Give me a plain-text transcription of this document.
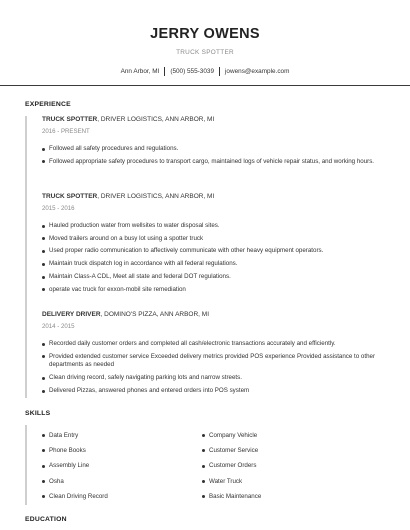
JERRY OWENS
TRUCK SPOTTER
Ann Arbor, MI (500) 555-3039 jowens@example.com
EXPERIENCE
TRUCK SPOTTER, DRIVER LOGISTICS, ANN ARBOR, MI
2016 - PRESENT
Followed all safety procedures and regulations.
Followed appropriate safety procedures to transport cargo, maintained logs of vehicle repair status, and working hours.
TRUCK SPOTTER, DRIVER LOGISTICS, ANN ARBOR, MI
2015 - 2016
Hauled production water from wellsites to water disposal sites.
Moved trailers around on a busy lot using a spotter truck
Used proper radio communication to affectively communicate with other heavy equipment operators.
Maintain truck dispatch log in accordance with all federal regulations.
Maintain Class-A CDL, Meet all state and federal DOT regulations.
operate vac truck for exxon-mobil site remediation
DELIVERY DRIVER, DOMINO'S PIZZA, ANN ARBOR, MI
2014 - 2015
Recorded daily customer orders and completed all cash/electronic transactions accurately and efficiently.
Provided extended customer service Exceeded delivery metrics provided POS experience Provided assistance to other departments as needed
Clean driving record, safely navigating parking lots and narrow streets.
Delivered Pizzas, answered phones and entered orders into POS system
SKILLS
Data Entry
Phone Books
Assembly Line
Osha
Clean Driving Record
Company Vehicle
Customer Service
Customer Orders
Water Truck
Basic Maintenance
EDUCATION
